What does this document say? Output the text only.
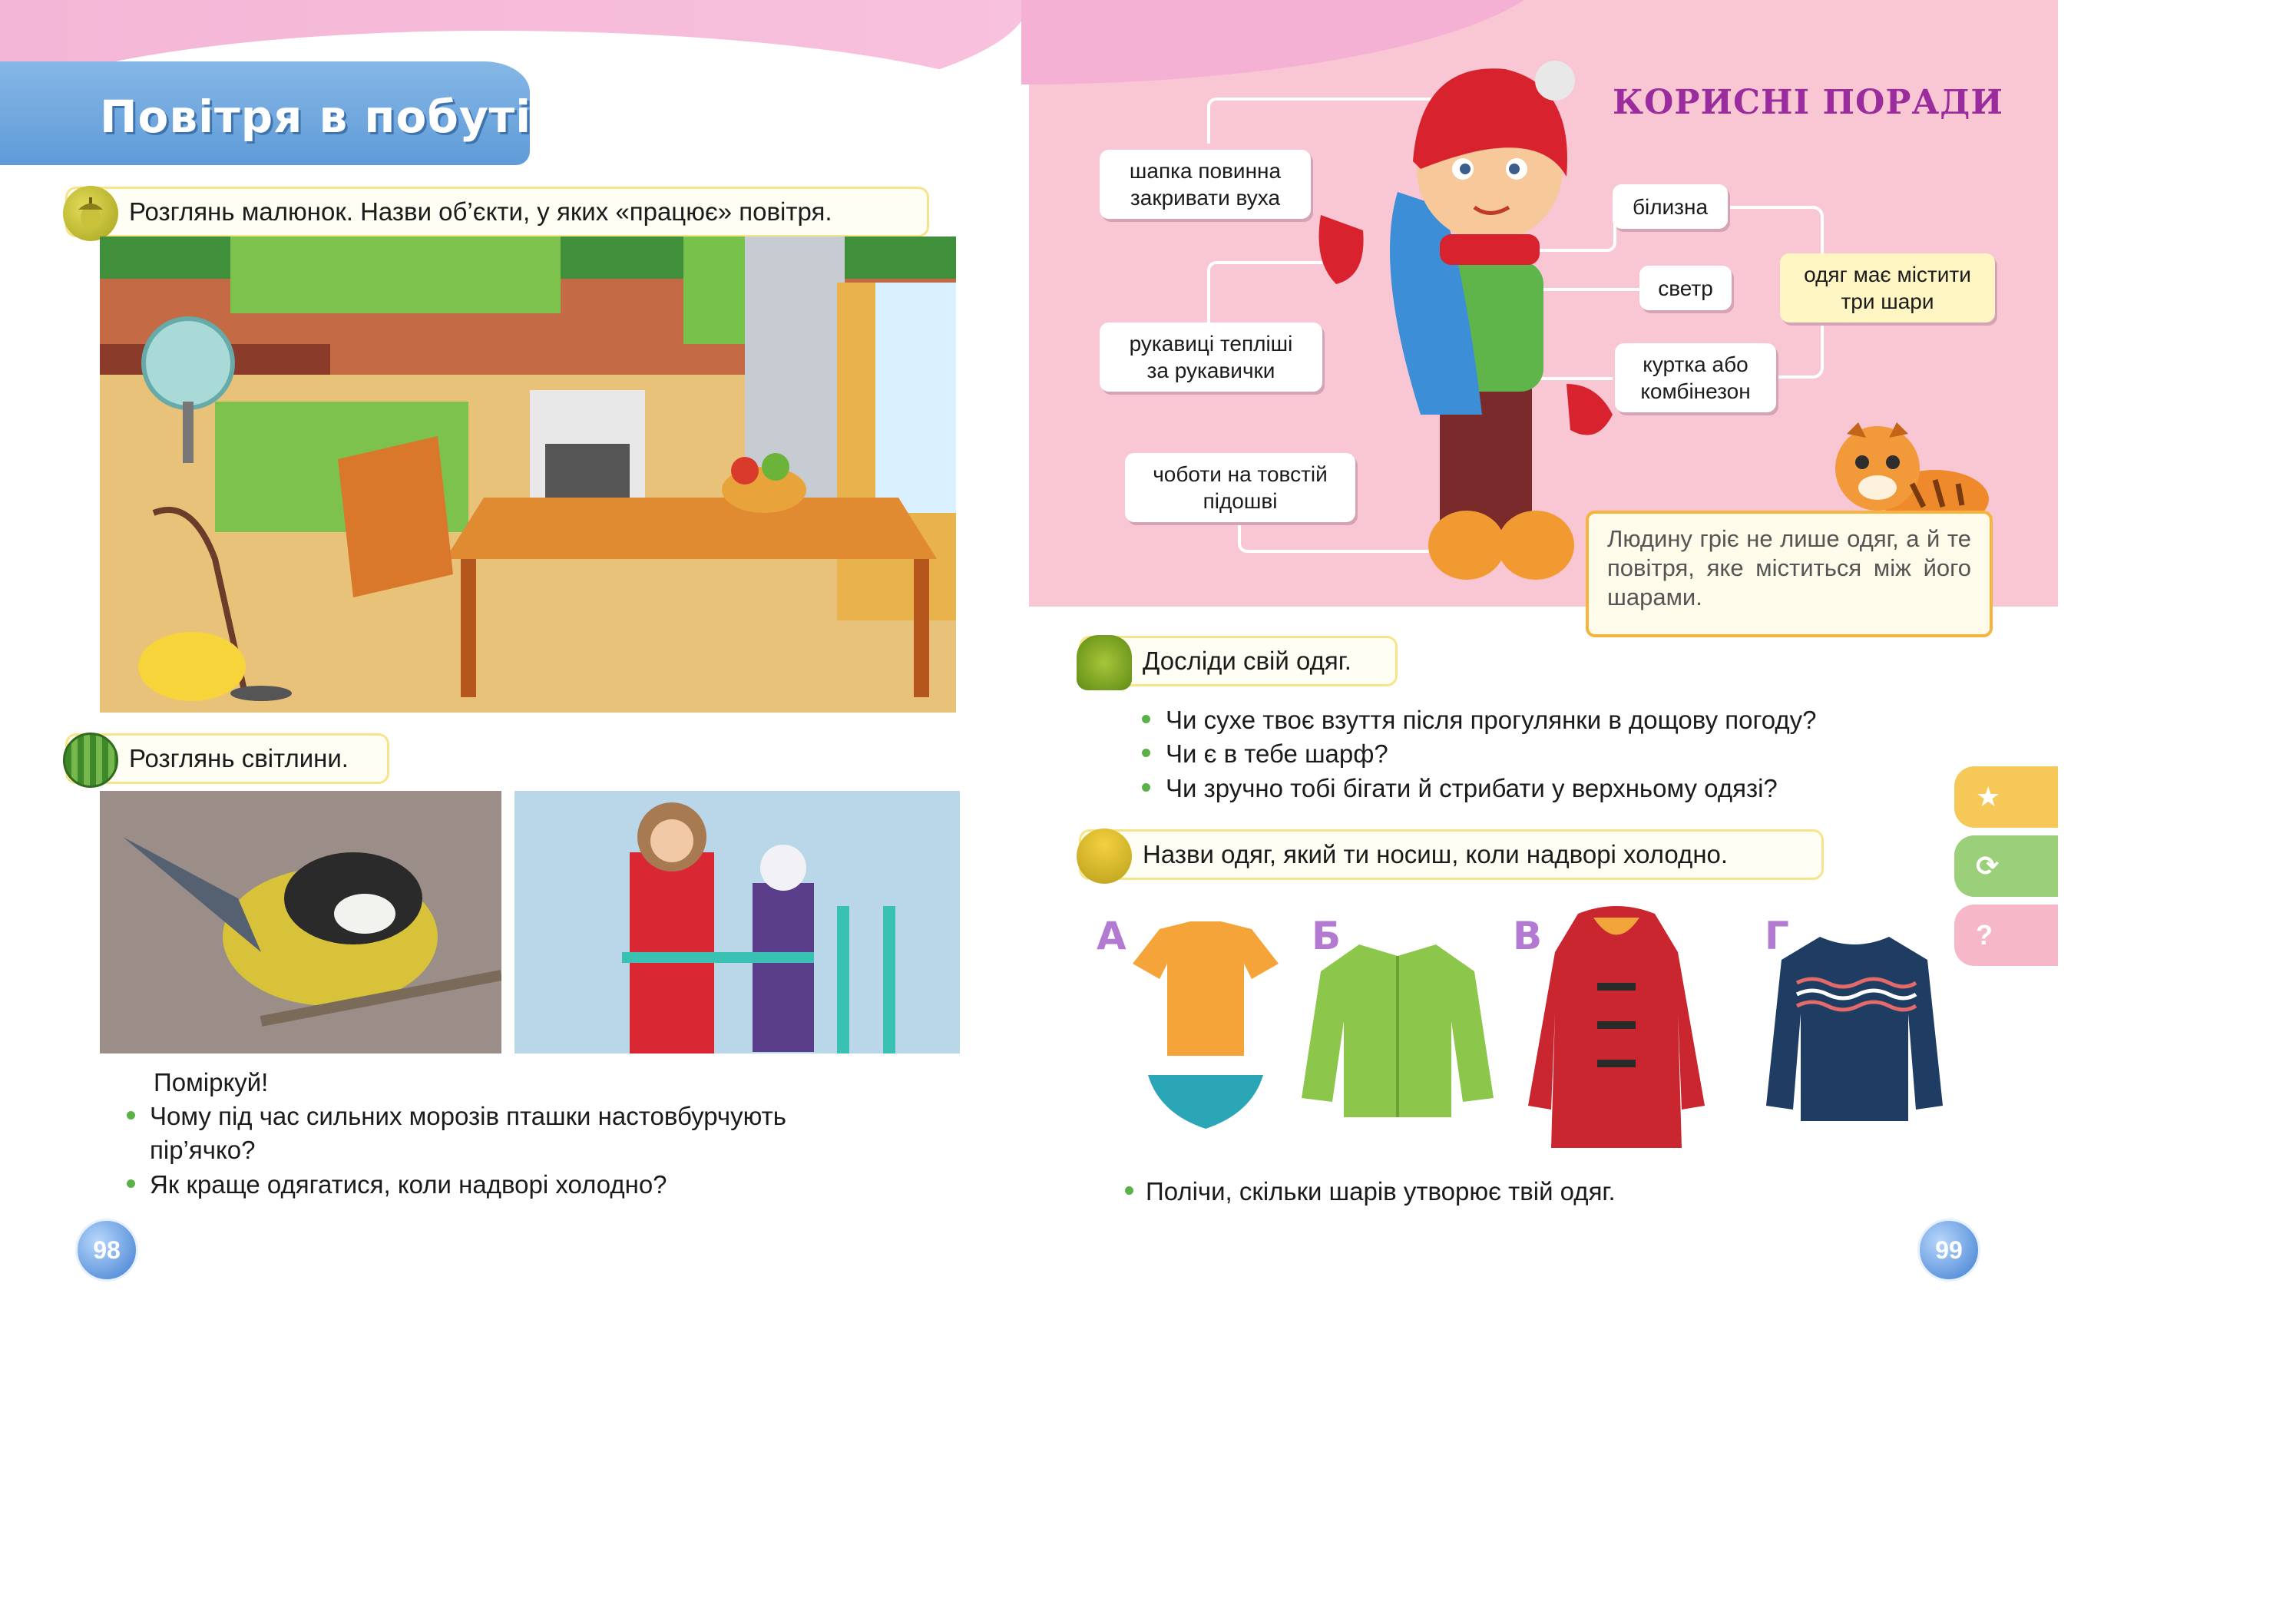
Повітря в побуті
Розглянь малюнок. Назви об’єкти, у яких «працює» повітря.
Розглянь світлини.
Поміркуй!
Чому під час сильних морозів пташки настовбурчують
пір’ячко?
Як краще одягатися, коли надворі холодно?
98
КОРИСНІ ПОРАДИ
шапка повинна
закривати вуха
рукавиці тепліші
за рукавички
чоботи на товстій
підошві
білизна
светр
куртка або
комбінезон
одяг має містити
три шари
Людину гріє не лише одяг, а й те повітря, яке міститься між його шарами.
Досліди свій одяг.
Чи сухе твоє взуття після прогулянки в дощову погоду?
Чи є в тебе шарф?
Чи зручно тобі бігати й стрибати у верхньому одязі?	★
⟳
?
Назви одяг, який ти носиш, коли надворі холодно.
А	Б	В	Г
Полічи, скільки шарів утворює твій одяг.
99
